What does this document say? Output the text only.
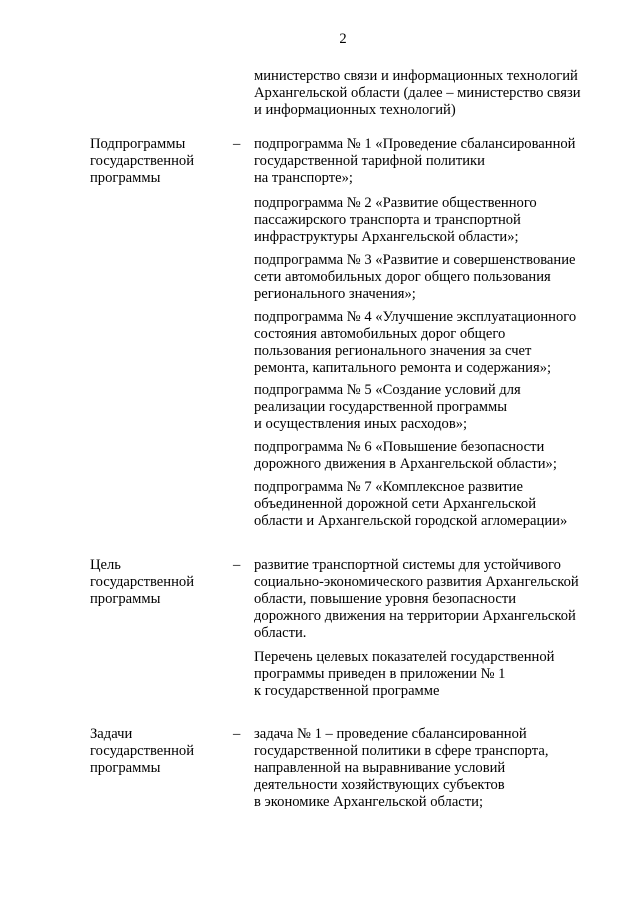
2
министерство связи и информационных технологий
Архангельской области (далее – министерство связи
и информационных технологий)
Подпрограммы
государственной
программы
– подпрограмма № 1 «Проведение сбалансированной
государственной тарифной политики
на транспорте»;
подпрограмма № 2 «Развитие общественного
пассажирского транспорта и транспортной
инфраструктуры Архангельской области»;
подпрограмма № 3 «Развитие и совершенствование
сети автомобильных дорог общего пользования
регионального значения»;
подпрограмма № 4 «Улучшение эксплуатационного
состояния автомобильных дорог общего
пользования регионального значения за счет
ремонта, капитального ремонта и содержания»;
подпрограмма № 5 «Создание условий для
реализации государственной программы
и осуществления иных расходов»;
подпрограмма № 6 «Повышение безопасности
дорожного движения в Архангельской области»;
подпрограмма № 7 «Комплексное развитие
объединенной дорожной сети Архангельской
области и Архангельской городской агломерации»
Цель
государственной
программы
– развитие транспортной системы для устойчивого
социально-экономического развития Архангельской
области, повышение уровня безопасности
дорожного движения на территории Архангельской
области.
Перечень целевых показателей государственной
программы приведен в приложении № 1
к государственной программе
Задачи
государственной
программы
– задача № 1 – проведение сбалансированной
государственной политики в сфере транспорта,
направленной на выравнивание условий
деятельности хозяйствующих субъектов
в экономике Архангельской области;
